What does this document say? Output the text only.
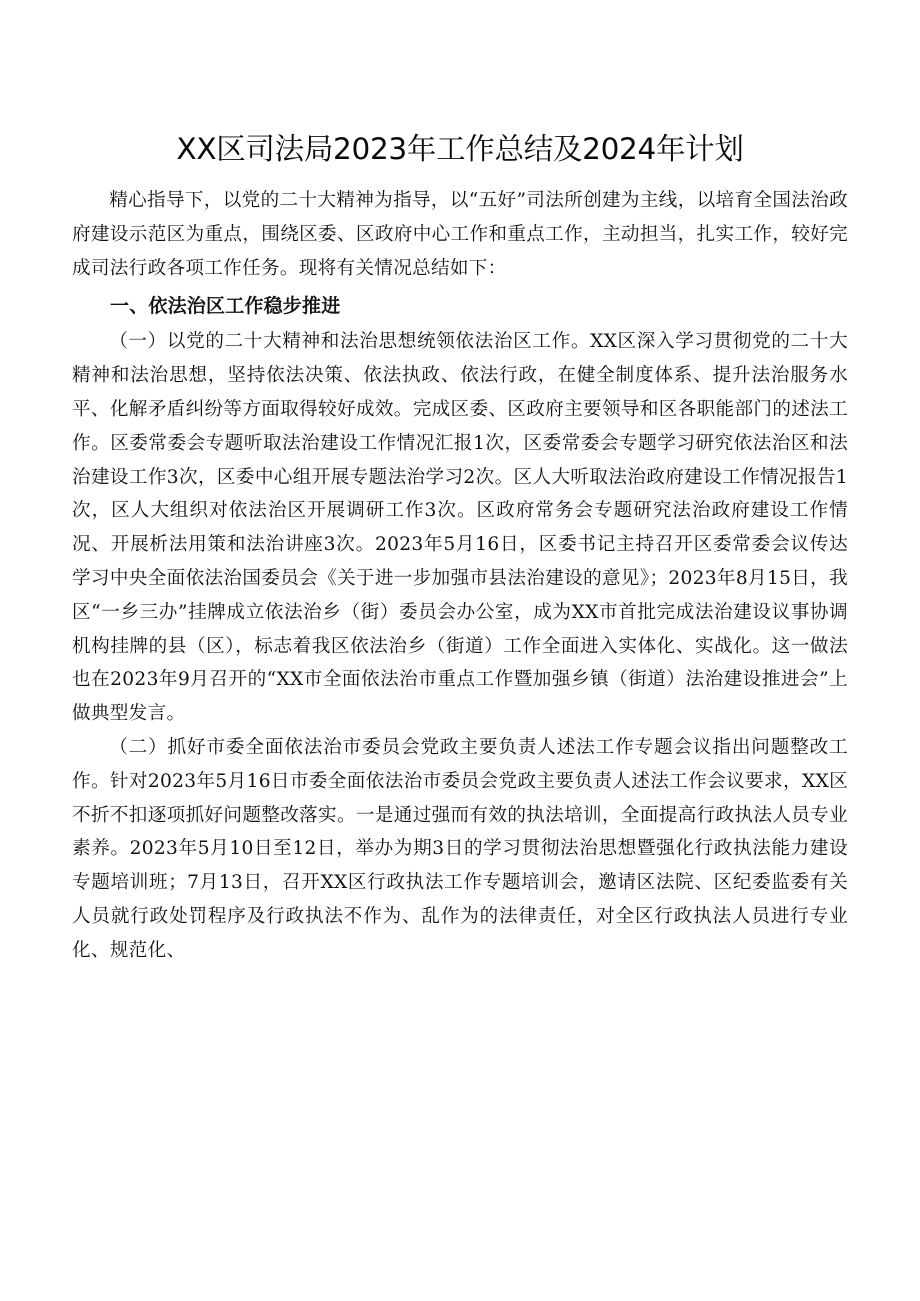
XX区司法局2023年工作总结及2024年计划

精心指导下，以党的二十大精神为指导，以“五好”司法所创建为主线，以培育全国法治政府建设示范区为重点，围绕区委、区政府中心工作和重点工作，主动担当，扎实工作，较好完成司法行政各项工作任务。现将有关情况总结如下：

一、依法治区工作稳步推进

（一）以党的二十大精神和法治思想统领依法治区工作。XX区深入学习贯彻党的二十大精神和法治思想，坚持依法决策、依法执政、依法行政，在健全制度体系、提升法治服务水平、化解矛盾纠纷等方面取得较好成效。完成区委、区政府主要领导和区各职能部门的述法工作。区委常委会专题听取法治建设工作情况汇报1次，区委常委会专题学习研究依法治区和法治建设工作3次，区委中心组开展专题法治学习2次。区人大听取法治政府建设工作情况报告1次，区人大组织对依法治区开展调研工作3次。区政府常务会专题研究法治政府建设工作情况、开展析法用策和法治讲座3次。2023年5月16日，区委书记主持召开区委常委会议传达学习中央全面依法治国委员会《关于进一步加强市县法治建设的意见》；2023年8月15日，我区“一乡三办”挂牌成立依法治乡（街）委员会办公室，成为XX市首批完成法治建设议事协调机构挂牌的县（区），标志着我区依法治乡（街道）工作全面进入实体化、实战化。这一做法也在2023年9月召开的“XX市全面依法治市重点工作暨加强乡镇（街道）法治建设推进会”上做典型发言。

（二）抓好市委全面依法治市委员会党政主要负责人述法工作专题会议指出问题整改工作。针对2023年5月16日市委全面依法治市委员会党政主要负责人述法工作会议要求，XX区不折不扣逐项抓好问题整改落实。一是通过强而有效的执法培训，全面提高行政执法人员专业素养。2023年5月10日至12日，举办为期3日的学习贯彻法治思想暨强化行政执法能力建设专题培训班；7月13日，召开XX区行政执法工作专题培训会，邀请区法院、区纪委监委有关人员就行政处罚程序及行政执法不作为、乱作为的法律责任，对全区行政执法人员进行专业化、规范化、
